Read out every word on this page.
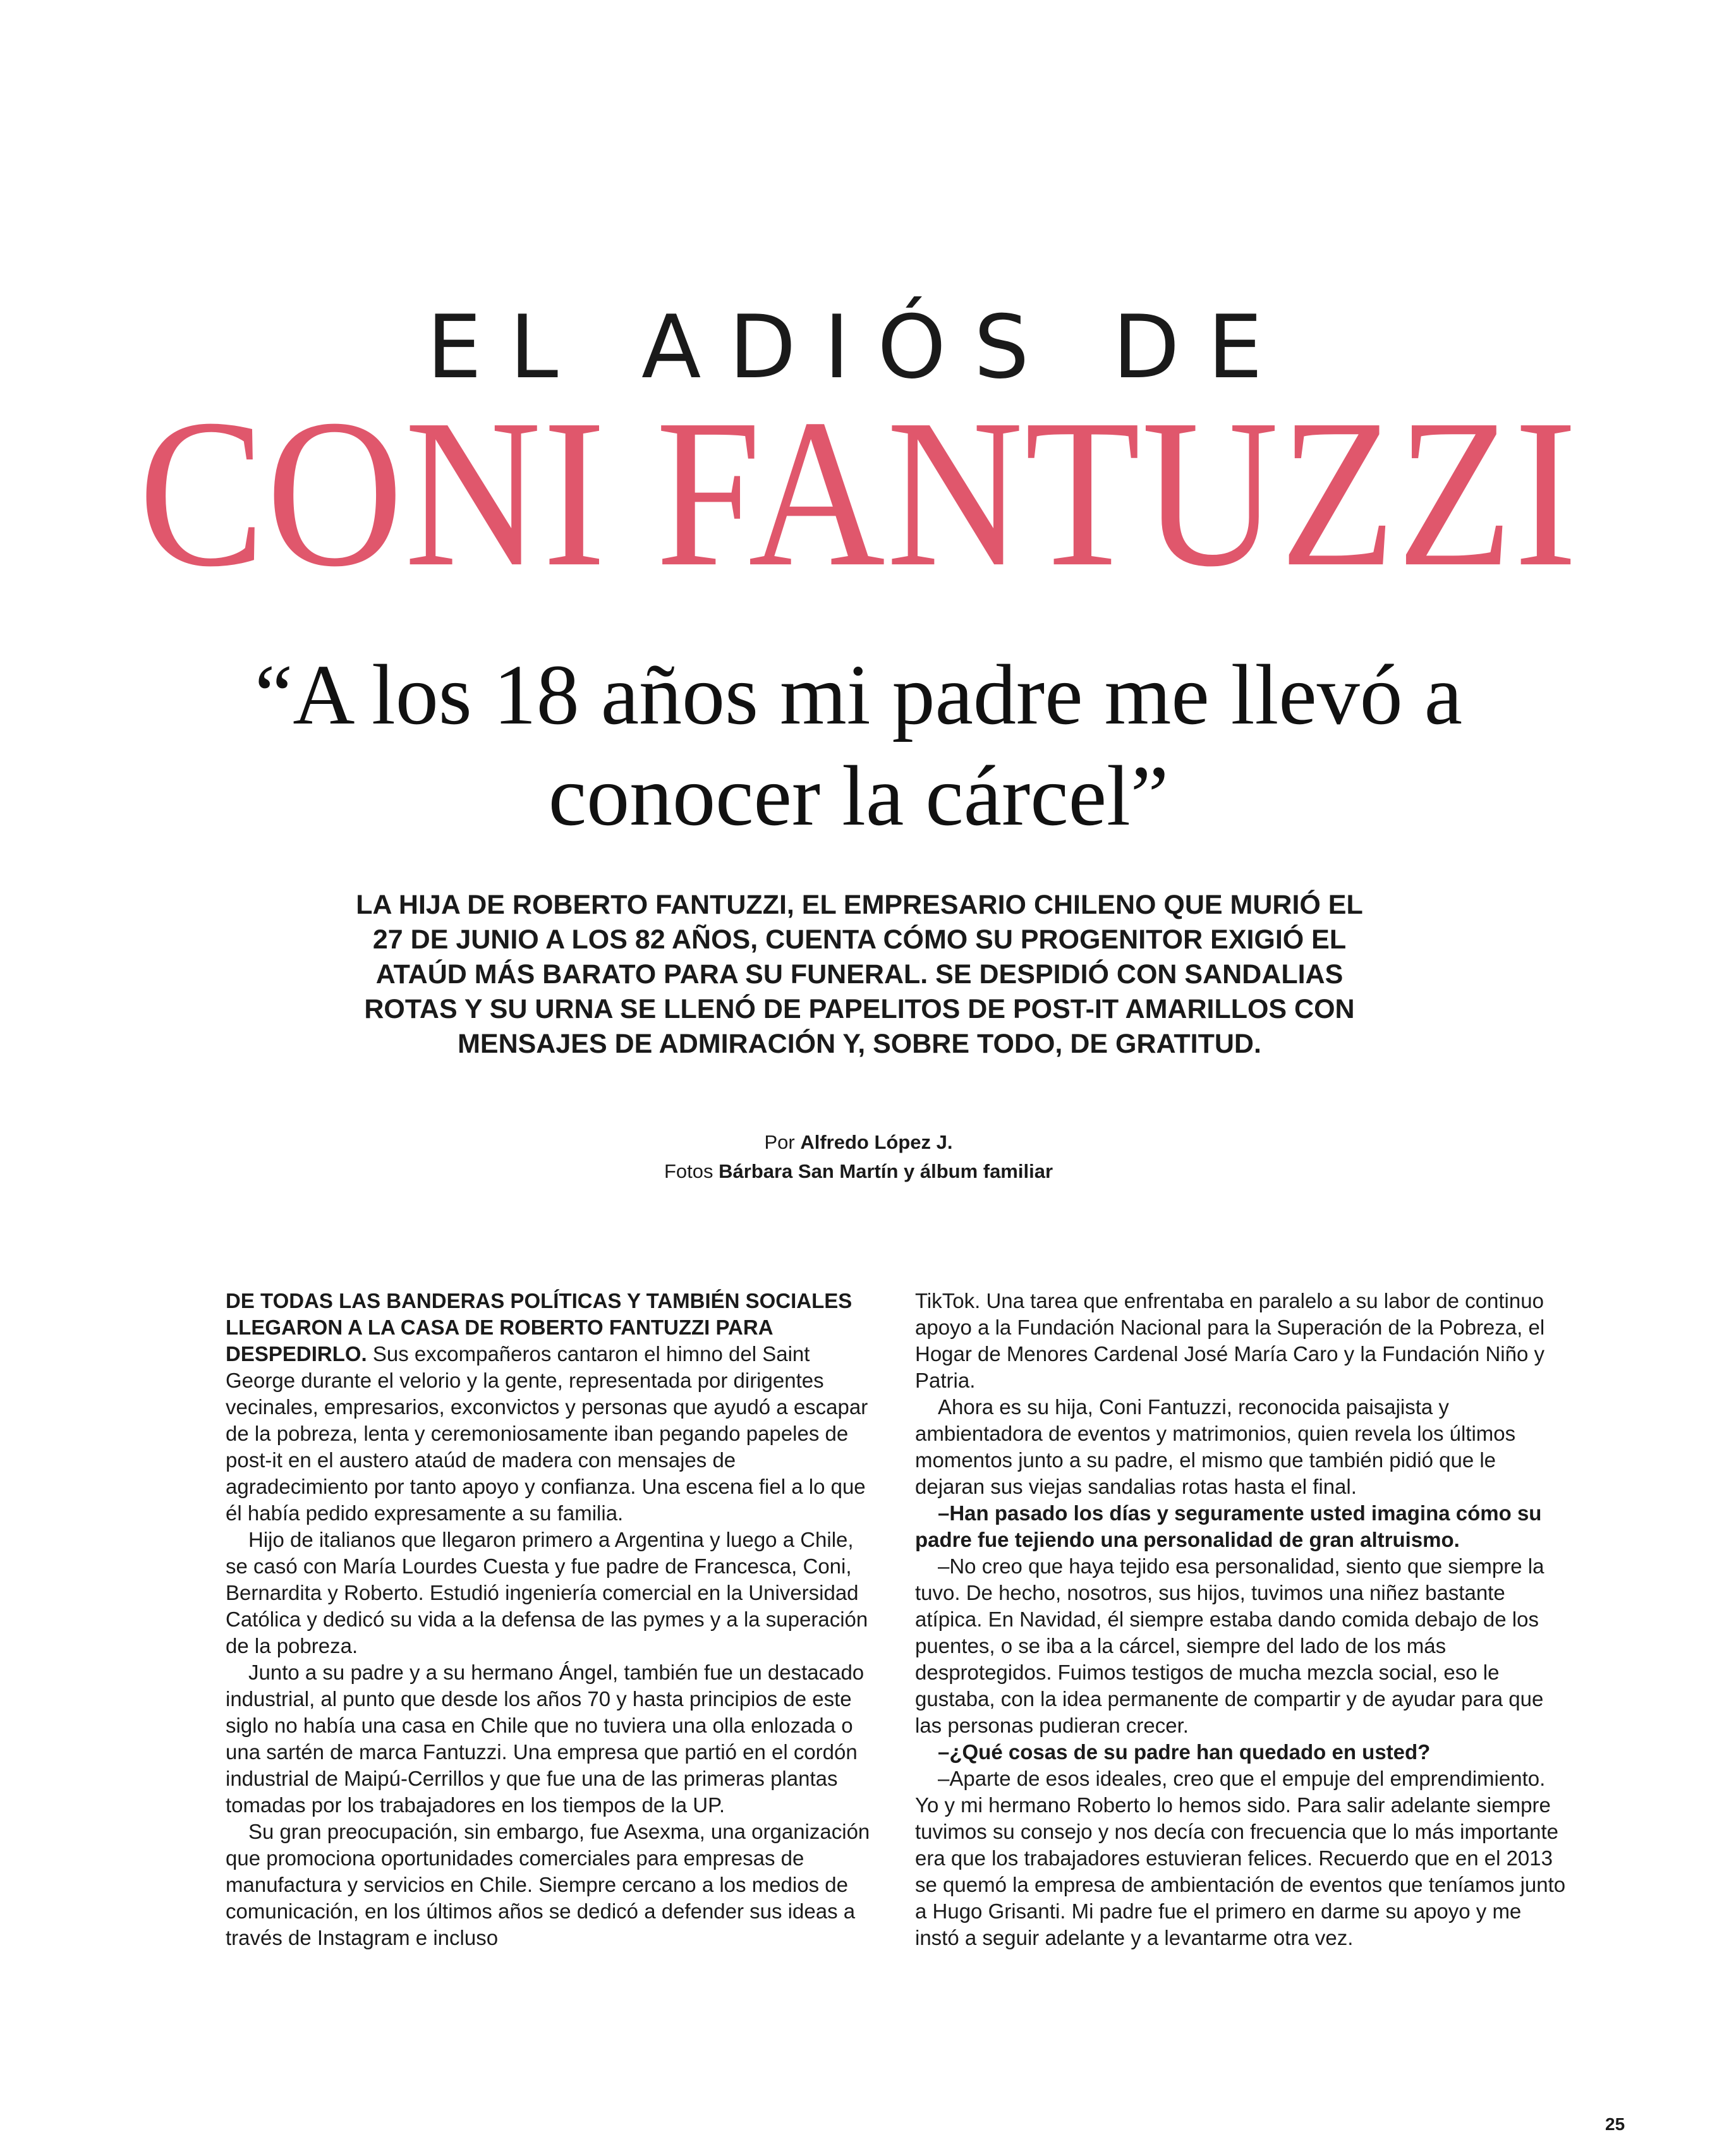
EL ADIÓS DE
CONI FANTUZZI
“A los 18 años mi padre me llevó a
conocer la cárcel”

LA HIJA DE ROBERTO FANTUZZI, EL EMPRESARIO CHILENO QUE MURIÓ EL 27 DE JUNIO A LOS 82 AÑOS, CUENTA CÓMO SU PROGENITOR EXIGIÓ EL ATAÚD MÁS BARATO PARA SU FUNERAL. SE DESPIDIÓ CON SANDALIAS ROTAS Y SU URNA SE LLENÓ DE PAPELITOS DE POST-IT AMARILLOS CON MENSAJES DE ADMIRACIÓN Y, SOBRE TODO, DE GRATITUD.

Por Alfredo López J.
Fotos Bárbara San Martín y álbum familiar

DE TODAS LAS BANDERAS POLÍTICAS Y TAMBIÉN SOCIALES LLEGARON A LA CASA DE ROBERTO FANTUZZI PARA DESPEDIRLO. Sus excompañeros cantaron el himno del Saint George durante el velorio y la gente, representada por dirigentes vecinales, empresarios, exconvictos y personas que ayudó a escapar de la pobreza, lenta y ceremoniosamente iban pegando papeles de post-it en el austero ataúd de madera con mensajes de agradecimiento por tanto apoyo y confianza. Una escena fiel a lo que él había pedido expresamente a su familia.

Hijo de italianos que llegaron primero a Argentina y luego a Chile, se casó con María Lourdes Cuesta y fue padre de Francesca, Coni, Bernardita y Roberto. Estudió ingeniería comercial en la Universidad Católica y dedicó su vida a la defensa de las pymes y a la superación de la pobreza.

Junto a su padre y a su hermano Ángel, también fue un destacado industrial, al punto que desde los años 70 y hasta principios de este siglo no había una casa en Chile que no tuviera una olla enlozada o una sartén de marca Fantuzzi. Una empresa que partió en el cordón industrial de Maipú-Cerrillos y que fue una de las primeras plantas tomadas por los trabajadores en los tiempos de la UP.

Su gran preocupación, sin embargo, fue Asexma, una organización que promociona oportunidades comerciales para empresas de manufactura y servicios en Chile. Siempre cercano a los medios de comunicación, en los últimos años se dedicó a defender sus ideas a través de Instagram e incluso

TikTok. Una tarea que enfrentaba en paralelo a su labor de continuo apoyo a la Fundación Nacional para la Superación de la Pobreza, el Hogar de Menores Cardenal José María Caro y la Fundación Niño y Patria.

Ahora es su hija, Coni Fantuzzi, reconocida paisajista y ambientadora de eventos y matrimonios, quien revela los últimos momentos junto a su padre, el mismo que también pidió que le dejaran sus viejas sandalias rotas hasta el final.

–Han pasado los días y seguramente usted imagina cómo su padre fue tejiendo una personalidad de gran altruismo.

–No creo que haya tejido esa personalidad, siento que siempre la tuvo. De hecho, nosotros, sus hijos, tuvimos una niñez bastante atípica. En Navidad, él siempre estaba dando comida debajo de los puentes, o se iba a la cárcel, siempre del lado de los más desprotegidos. Fuimos testigos de mucha mezcla social, eso le gustaba, con la idea permanente de compartir y de ayudar para que las personas pudieran crecer.

–¿Qué cosas de su padre han quedado en usted?

–Aparte de esos ideales, creo que el empuje del emprendimiento. Yo y mi hermano Roberto lo hemos sido. Para salir adelante siempre tuvimos su consejo y nos decía con frecuencia que lo más importante era que los trabajadores estuvieran felices. Recuerdo que en el 2013 se quemó la empresa de ambientación de eventos que teníamos junto a Hugo Grisanti. Mi padre fue el primero en darme su apoyo y me instó a seguir adelante y a levantarme otra vez.

25
